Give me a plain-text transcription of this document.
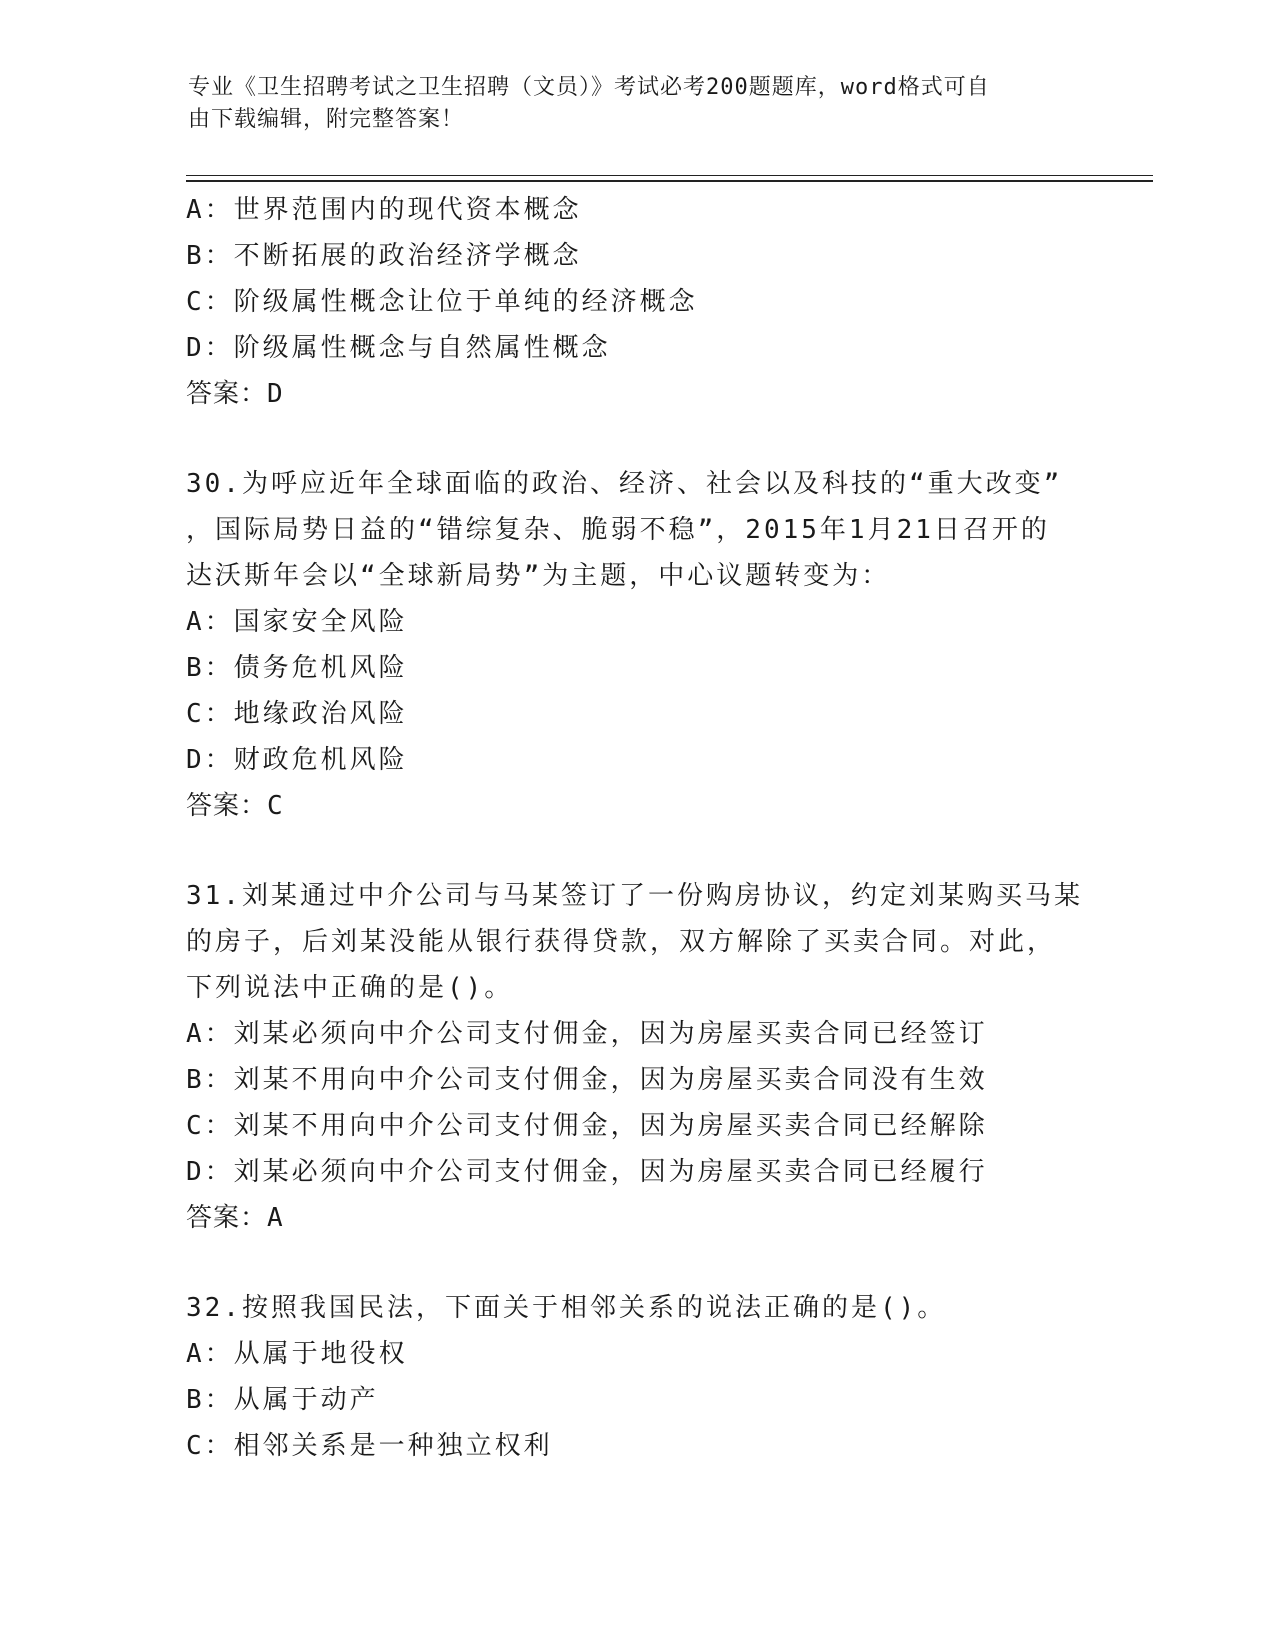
专业《卫生招聘考试之卫生招聘（文员）》考试必考200题题库，word格式可自
由下载编辑，附完整答案！
A：世界范围内的现代资本概念
B：不断拓展的政治经济学概念
C：阶级属性概念让位于单纯的经济概念
D：阶级属性概念与自然属性概念
答案：D
30.为呼应近年全球面临的政治、经济、社会以及科技的“重大改变”
，国际局势日益的“错综复杂、脆弱不稳”，2015年1月21日召开的
达沃斯年会以“全球新局势”为主题，中心议题转变为：
A：国家安全风险
B：债务危机风险
C：地缘政治风险
D：财政危机风险
答案：C
31.刘某通过中介公司与马某签订了一份购房协议，约定刘某购买马某
的房子，后刘某没能从银行获得贷款，双方解除了买卖合同。对此，
下列说法中正确的是()。
A：刘某必须向中介公司支付佣金，因为房屋买卖合同已经签订
B：刘某不用向中介公司支付佣金，因为房屋买卖合同没有生效
C：刘某不用向中介公司支付佣金，因为房屋买卖合同已经解除
D：刘某必须向中介公司支付佣金，因为房屋买卖合同已经履行
答案：A
32.按照我国民法，下面关于相邻关系的说法正确的是()。
A：从属于地役权
B：从属于动产
C：相邻关系是一种独立权利
